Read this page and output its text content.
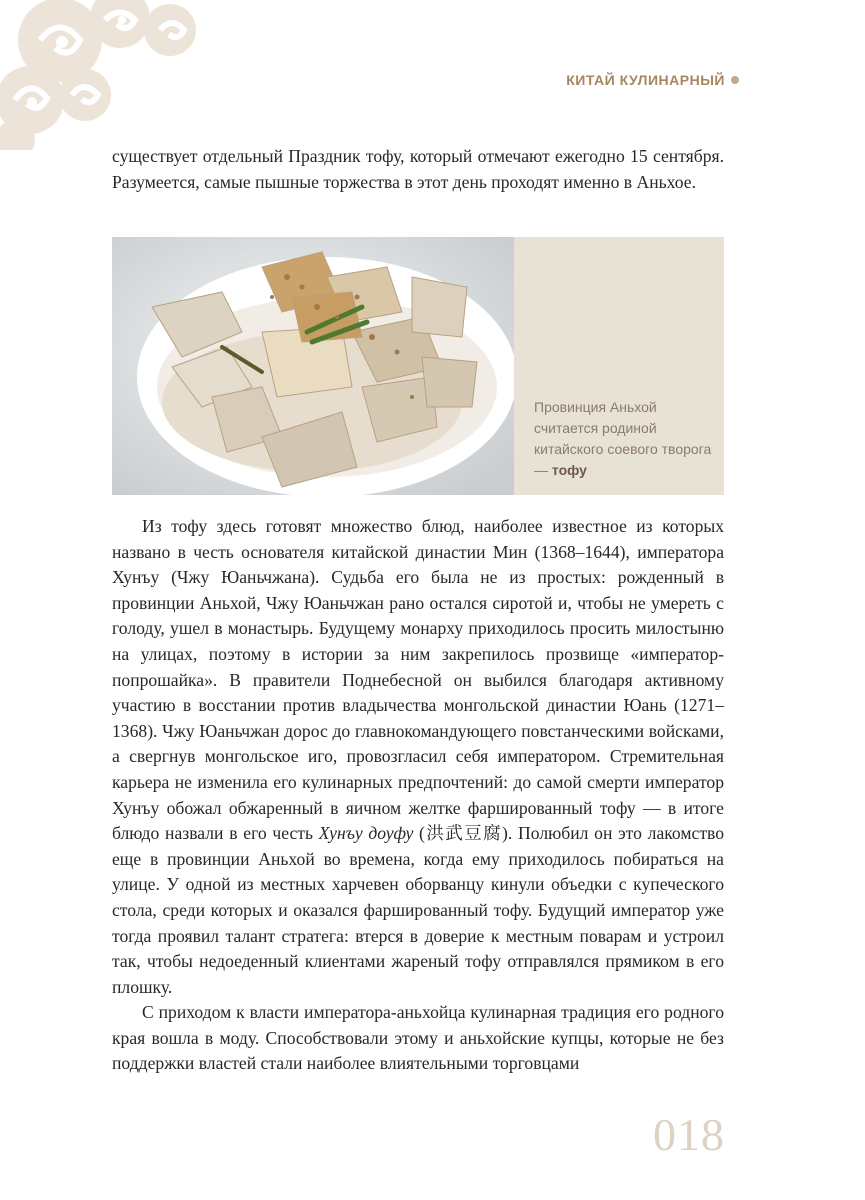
КИТАЙ КУЛИНАРНЫЙ

существует отдельный Праздник тофу, который отмечают ежегодно 15 сентября. Разумеется, самые пышные торжества в этот день проходят именно в Аньхое.

Провинция Аньхой считается родиной китайского соевого творога — тофу

Из тофу здесь готовят множество блюд, наиболее известное из которых названо в честь основателя китайской династии Мин (1368–1644), императора Хунъу (Чжу Юаньчжана). Судьба его была не из простых: рожденный в провинции Аньхой, Чжу Юаньчжан рано остался сиротой и, чтобы не умереть с голоду, ушел в монастырь. Будущему монарху приходилось просить милостыню на улицах, поэтому в истории за ним закрепилось прозвище «император-попрошайка». В правители Поднебесной он выбился благодаря активному участию в восстании против владычества монгольской династии Юань (1271–1368). Чжу Юаньчжан дорос до главнокомандующего повстанческими войсками, а свергнув монгольское иго, провозгласил себя императором. Стремительная карьера не изменила его кулинарных предпочтений: до самой смерти император Хунъу обожал обжаренный в яичном желтке фаршированный тофу — в итоге блюдо назвали в его честь Хунъу доуфу (洪武豆腐). Полюбил он это лакомство еще в провинции Аньхой во времена, когда ему приходилось побираться на улице. У одной из местных харчевен оборванцу кинули объедки с купеческого стола, среди которых и оказался фаршированный тофу. Будущий император уже тогда проявил талант стратега: втерся в доверие к местным поварам и устроил так, чтобы недоеденный клиентами жареный тофу отправлялся прямиком в его плошку.

С приходом к власти императора-аньхойца кулинарная традиция его родного края вошла в моду. Способствовали этому и аньхойские купцы, которые не без поддержки властей стали наиболее влиятельными торговцами

018
